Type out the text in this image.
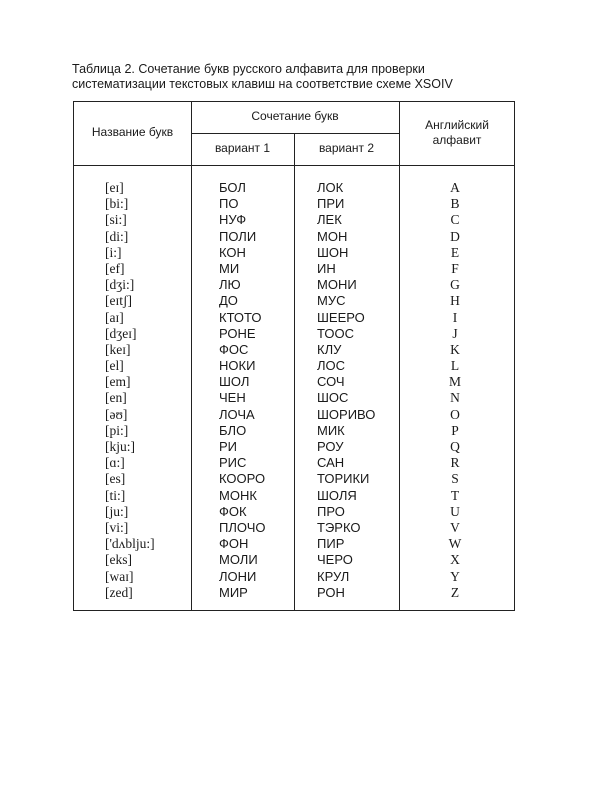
Таблица 2. Сочетание букв русского алфавита для проверки
систематизации текстовых клавиш на соответствие схеме XSOIV
Название букв
Сочетание букв
вариант 1	вариант 2
Английский
алфавит
[eɪ]	БОЛ	ЛОК	A
[bi:]	ПО	ПРИ	B
[si:]	НУФ	ЛЕК	C
[di:]	ПОЛИ	МОН	D
[i:]	КОН	ШОН	E
[ef]	МИ	ИН	F
[dʒi:]	ЛЮ	МОНИ	G
[eɪtʃ]	ДО	МУС	H
[aɪ]	КТОТО	ШЕЕРО	I
[dʒeɪ]	РОНЕ	ТООС	J
[keɪ]	ФОС	КЛУ	K
[el]	НОКИ	ЛОС	L
[em]	ШОЛ	СОЧ	M
[en]	ЧЕН	ШОС	N
[əʊ]	ЛОЧА	ШОРИВО	O
[pi:]	БЛО	МИК	P
[kju:]	РИ	РОУ	Q
[ɑ:]	РИС	САН	R
[es]	КООРО	ТОРИКИ	S
[ti:]	МОНК	ШОЛЯ	T
[ju:]	ФОК	ПРО	U
[vi:]	ПЛОЧО	ТЭРКО	V
['dʌblju:]	ФОН	ПИР	W
[eks]	МОЛИ	ЧЕРО	X
[waɪ]	ЛОНИ	КРУЛ	Y
[zed]	МИР	РОН	Z
